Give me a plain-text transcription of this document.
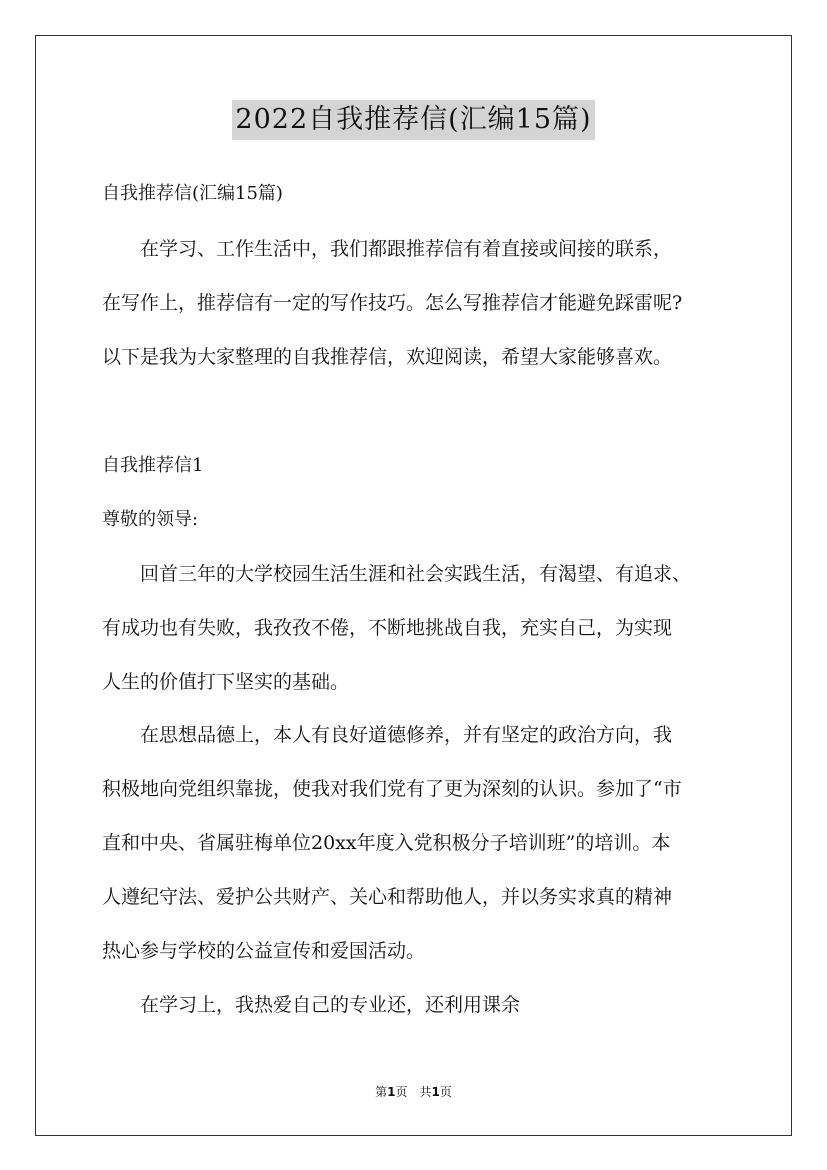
2022自我推荐信(汇编15篇)
自我推荐信(汇编15篇)
　　在学习、工作生活中，我们都跟推荐信有着直接或间接的联系，
在写作上，推荐信有一定的写作技巧。怎么写推荐信才能避免踩雷呢?
以下是我为大家整理的自我推荐信，欢迎阅读，希望大家能够喜欢。
自我推荐信1
尊敬的领导:
　　回首三年的大学校园生活生涯和社会实践生活，有渴望、有追求、
有成功也有失败，我孜孜不倦，不断地挑战自我，充实自己，为实现
人生的价值打下坚实的基础。
　　在思想品德上，本人有良好道德修养，并有坚定的政治方向，我
积极地向党组织靠拢，使我对我们党有了更为深刻的认识。参加了“市
直和中央、省属驻梅单位20xx年度入党积极分子培训班”的培训。本
人遵纪守法、爱护公共财产、关心和帮助他人，并以务实求真的精神
热心参与学校的公益宣传和爱国活动。
　　在学习上，我热爱自己的专业还，还利用课余
第1页　共1页
